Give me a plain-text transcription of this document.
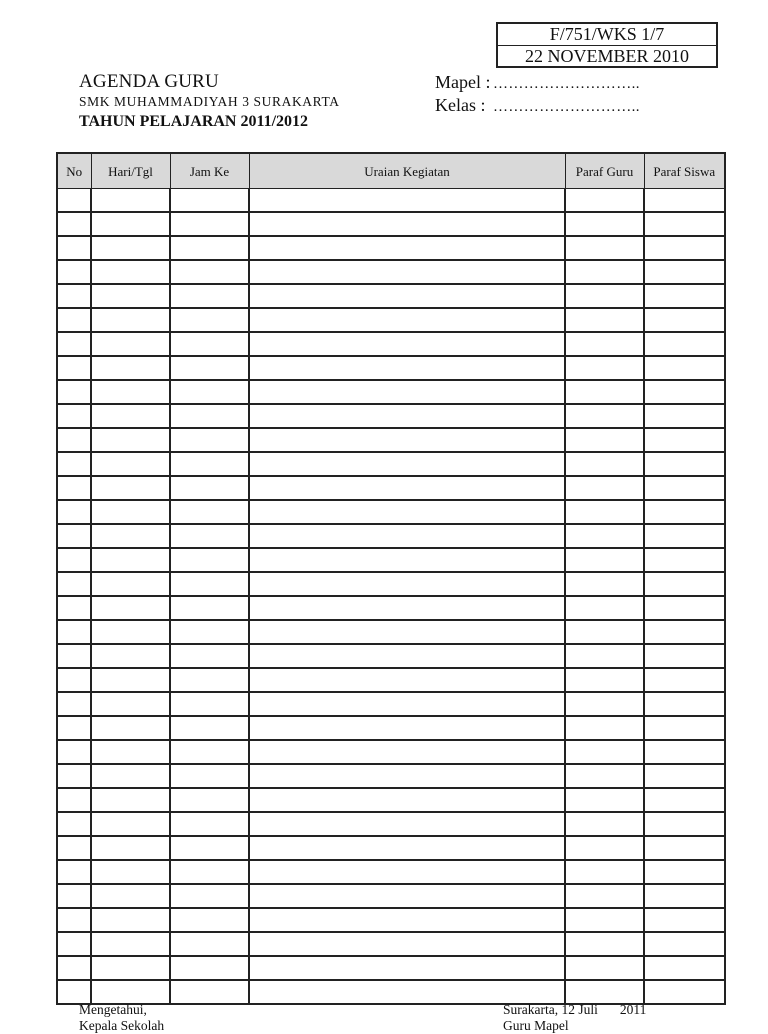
F/751/WKS 1/7
22 NOVEMBER 2010
AGENDA GURU
SMK MUHAMMADIYAH 3 SURAKARTA
TAHUN PELAJARAN 2011/2012
Mapel : ………………………..
Kelas : ………………………..
No	Hari/Tgl	Jam Ke	Uraian Kegiatan	Paraf Guru	Paraf Siswa

Mengetahui,
Kepala Sekolah
Surakarta, 12 Juli 2011
Guru Mapel
